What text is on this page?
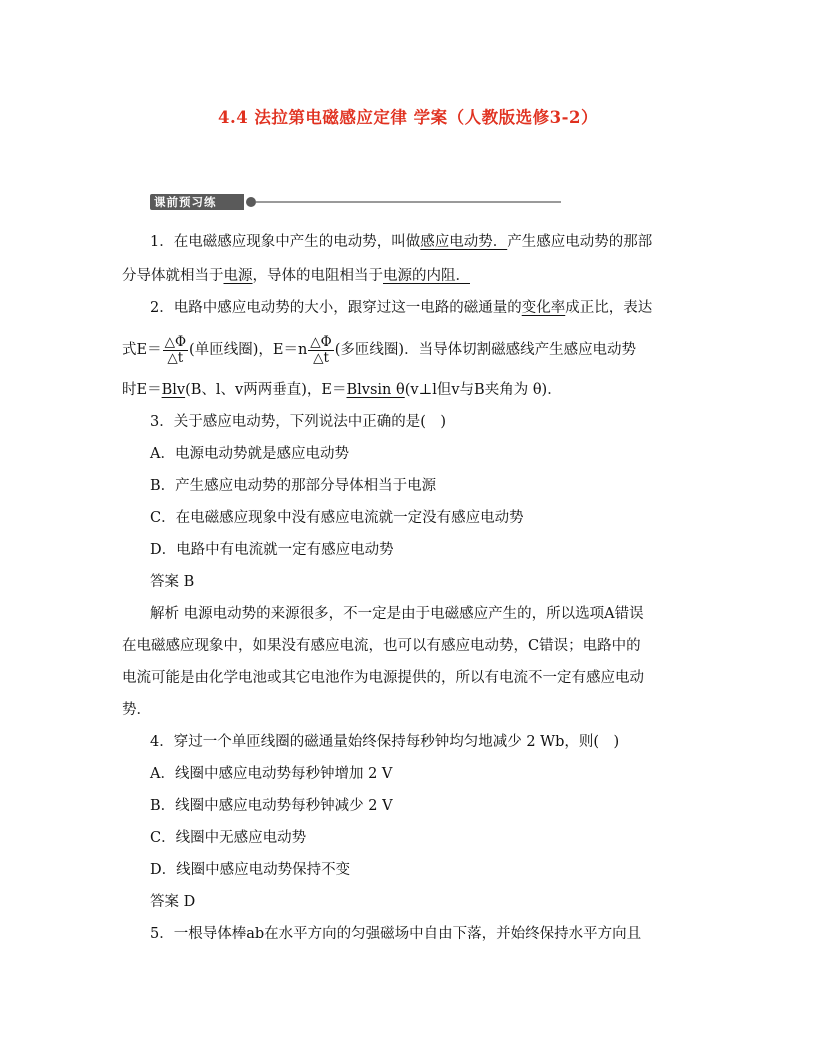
4.4 法拉第电磁感应定律 学案（人教版选修3-2）
课前预习练
1．在电磁感应现象中产生的电动势，叫做感应电动势．产生感应电动势的那部
分导体就相当于电源，导体的电阻相当于电源的内阻．
2．电路中感应电动势的大小，跟穿过这一电路的磁通量的变化率成正比，表达
式$E= \frac{\triangle\Phi}{\triangle t}$ (单匝线圈)，$E=n \frac{\triangle\Phi}{\triangle t}$ (多匝线圈)．当导体切割磁感线产生感应电动势
时E＝Blv(B、l、v两两垂直)，E＝Blvsin θ(v⊥l但v与B夹角为 θ)．
3．关于感应电动势，下列说法中正确的是(　)
A．电源电动势就是感应电动势
B．产生感应电动势的那部分导体相当于电源
C．在电磁感应现象中没有感应电流就一定没有感应电动势
D．电路中有电流就一定有感应电动势
答案 B
解析 电源电动势的来源很多，不一定是由于电磁感应产生的，所以选项A错误
在电磁感应现象中，如果没有感应电流，也可以有感应电动势，C错误；电路中的
电流可能是由化学电池或其它电池作为电源提供的，所以有电流不一定有感应电动
势．
4．穿过一个单匝线圈的磁通量始终保持每秒钟均匀地减少 2 Wb，则(　)
A．线圈中感应电动势每秒钟增加 2 V
B．线圈中感应电动势每秒钟减少 2 V
C．线圈中无感应电动势
D．线圈中感应电动势保持不变
答案 D
5．一根导体棒ab在水平方向的匀强磁场中自由下落，并始终保持水平方向且
